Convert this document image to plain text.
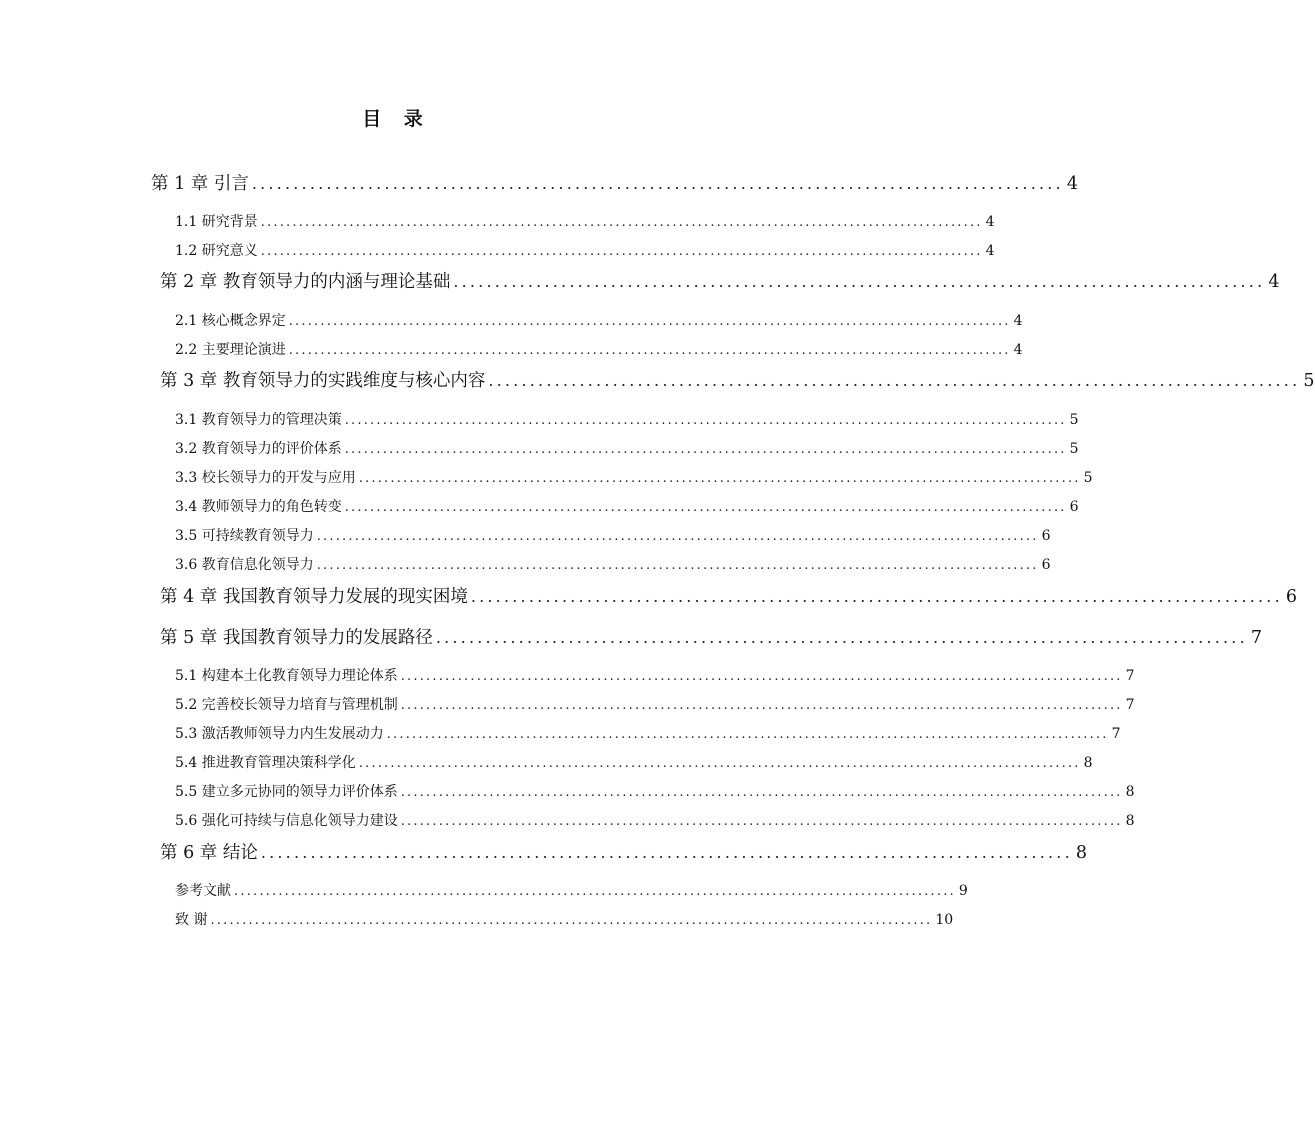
目 录
第 1 章 引言 .................................................................................................. 4
1.1 研究背景 .................................................................................................................. 4
1.2 研究意义 .................................................................................................................. 4
第 2 章 教育领导力的内涵与理论基础 .................................................................................................. 4
2.1 核心概念界定 .................................................................................................................. 4
2.2 主要理论演进 .................................................................................................................. 4
第 3 章 教育领导力的实践维度与核心内容 .................................................................................................. 5
3.1 教育领导力的管理决策 .................................................................................................................. 5
3.2 教育领导力的评价体系 .................................................................................................................. 5
3.3 校长领导力的开发与应用 .................................................................................................................. 5
3.4 教师领导力的角色转变 .................................................................................................................. 6
3.5 可持续教育领导力 .................................................................................................................. 6
3.6 教育信息化领导力 .................................................................................................................. 6
第 4 章 我国教育领导力发展的现实困境 .................................................................................................. 6
第 5 章 我国教育领导力的发展路径 .................................................................................................. 7
5.1 构建本土化教育领导力理论体系 .................................................................................................................. 7
5.2 完善校长领导力培育与管理机制 .................................................................................................................. 7
5.3 激活教师领导力内生发展动力 .................................................................................................................. 7
5.4 推进教育管理决策科学化 .................................................................................................................. 8
5.5 建立多元协同的领导力评价体系 .................................................................................................................. 8
5.6 强化可持续与信息化领导力建设 .................................................................................................................. 8
第 6 章 结论 .................................................................................................. 8
参考文献 .................................................................................................................. 9
致 谢 .................................................................................................................. 10
